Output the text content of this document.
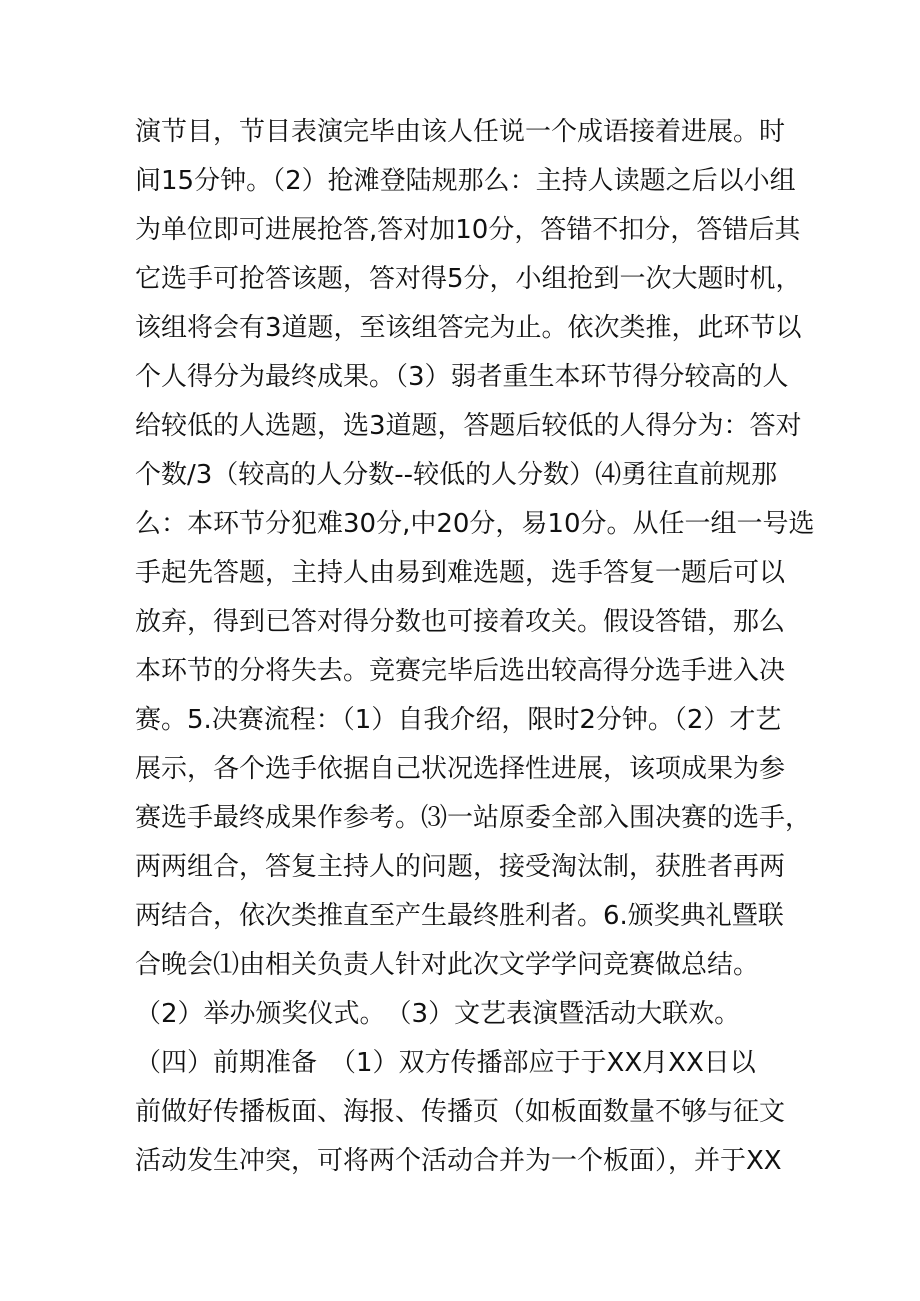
演节目，节目表演完毕由该人任说一个成语接着进展。时
间15分钟。（2）抢滩登陆规那么：主持人读题之后以小组
为单位即可进展抢答,答对加10分，答错不扣分，答错后其
它选手可抢答该题，答对得5分，小组抢到一次大题时机，
该组将会有3道题，至该组答完为止。依次类推，此环节以
个人得分为最终成果。（3）弱者重生本环节得分较高的人
给较低的人选题，选3道题，答题后较低的人得分为：答对
个数/3（较高的人分数--较低的人分数）⑷勇往直前规那
么：本环节分犯难30分,中20分，易10分。从任一组一号选
手起先答题，主持人由易到难选题，选手答复一题后可以
放弃，得到已答对得分数也可接着攻关。假设答错，那么
本环节的分将失去。竞赛完毕后选出较高得分选手进入决
赛。5.决赛流程：（1）自我介绍，限时2分钟。（2）才艺
展示，各个选手依据自己状况选择性进展，该项成果为参
赛选手最终成果作参考。⑶一站原委全部入围决赛的选手，
两两组合，答复主持人的问题，接受淘汰制，获胜者再两
两结合，依次类推直至产生最终胜利者。6.颁奖典礼暨联
合晚会⑴由相关负责人针对此次文学学问竞赛做总结。
（2）举办颁奖仪式。　（3）文艺表演暨活动大联欢。
（四）前期准备　（1）双方传播部应于于XX月XX日以
前做好传播板面、海报、传播页（如板面数量不够与征文
活动发生冲突，可将两个活动合并为一个板面），并于XX
